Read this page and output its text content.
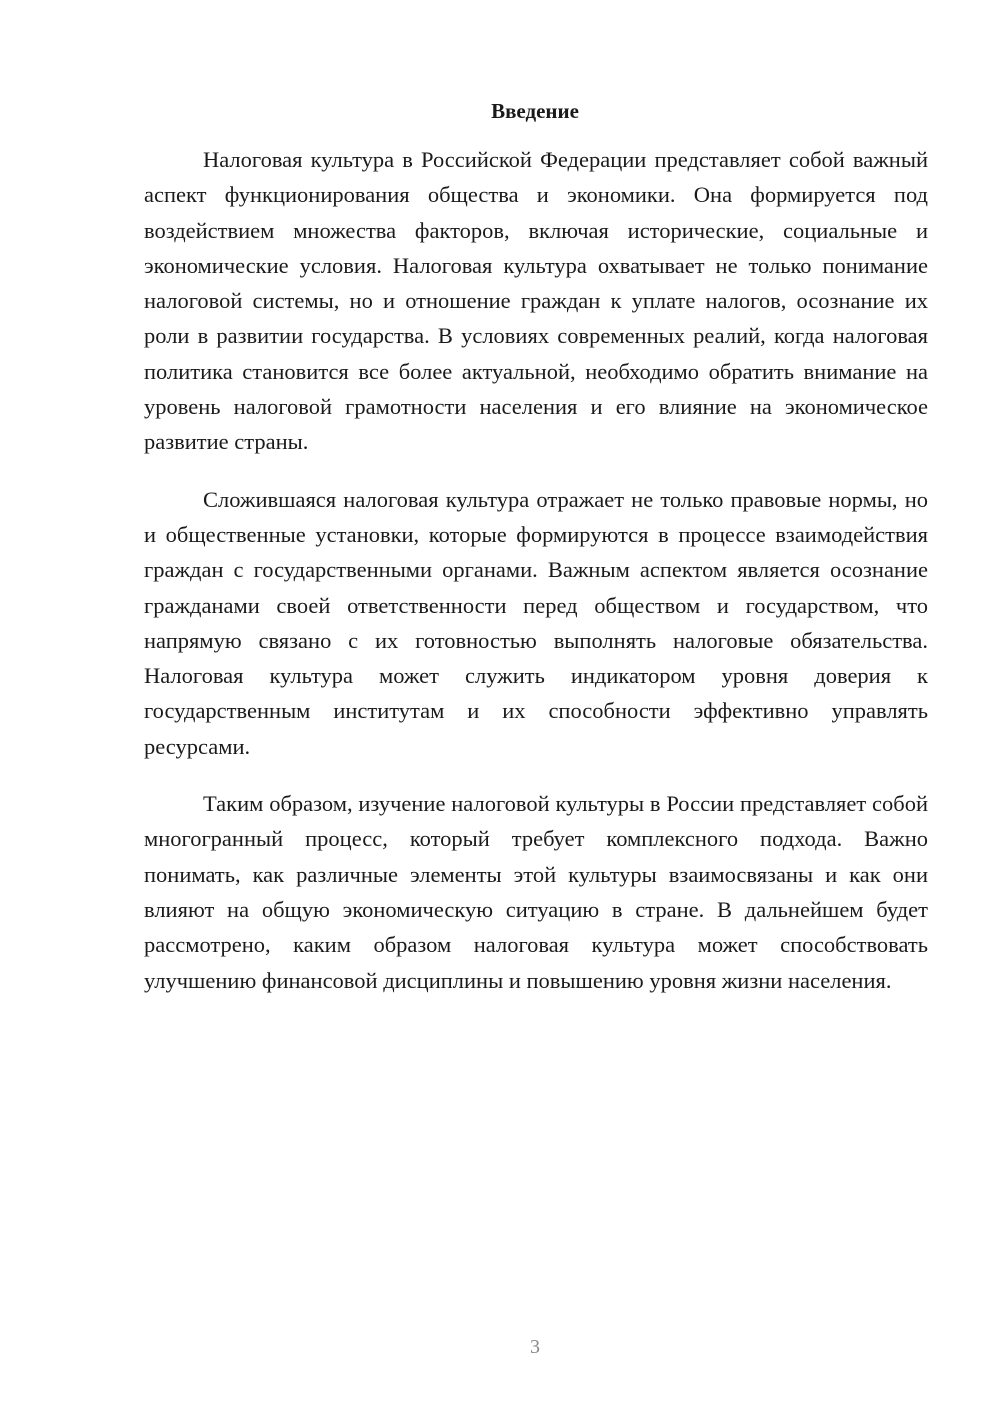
Введение

Налоговая культура в Российской Федерации представляет собой важный аспект функционирования общества и экономики. Она формируется под воздействием множества факторов, включая исторические, социальные и экономические условия. Налоговая культура охватывает не только понимание налоговой системы, но и отношение граждан к уплате налогов, осознание их роли в развитии государства. В условиях современных реалий, когда налоговая политика становится все более актуальной, необходимо обратить внимание на уровень налоговой грамотности населения и его влияние на экономическое развитие страны.

Сложившаяся налоговая культура отражает не только правовые нормы, но и общественные установки, которые формируются в процессе взаимодействия граждан с государственными органами. Важным аспектом является осознание гражданами своей ответственности перед обществом и государством, что напрямую связано с их готовностью выполнять налоговые обязательства. Налоговая культура может служить индикатором уровня доверия к государственным институтам и их способности эффективно управлять ресурсами.

Таким образом, изучение налоговой культуры в России представляет собой многогранный процесс, который требует комплексного подхода. Важно понимать, как различные элементы этой культуры взаимосвязаны и как они влияют на общую экономическую ситуацию в стране. В дальнейшем будет рассмотрено, каким образом налоговая культура может способствовать улучшению финансовой дисциплины и повышению уровня жизни населения.

3
